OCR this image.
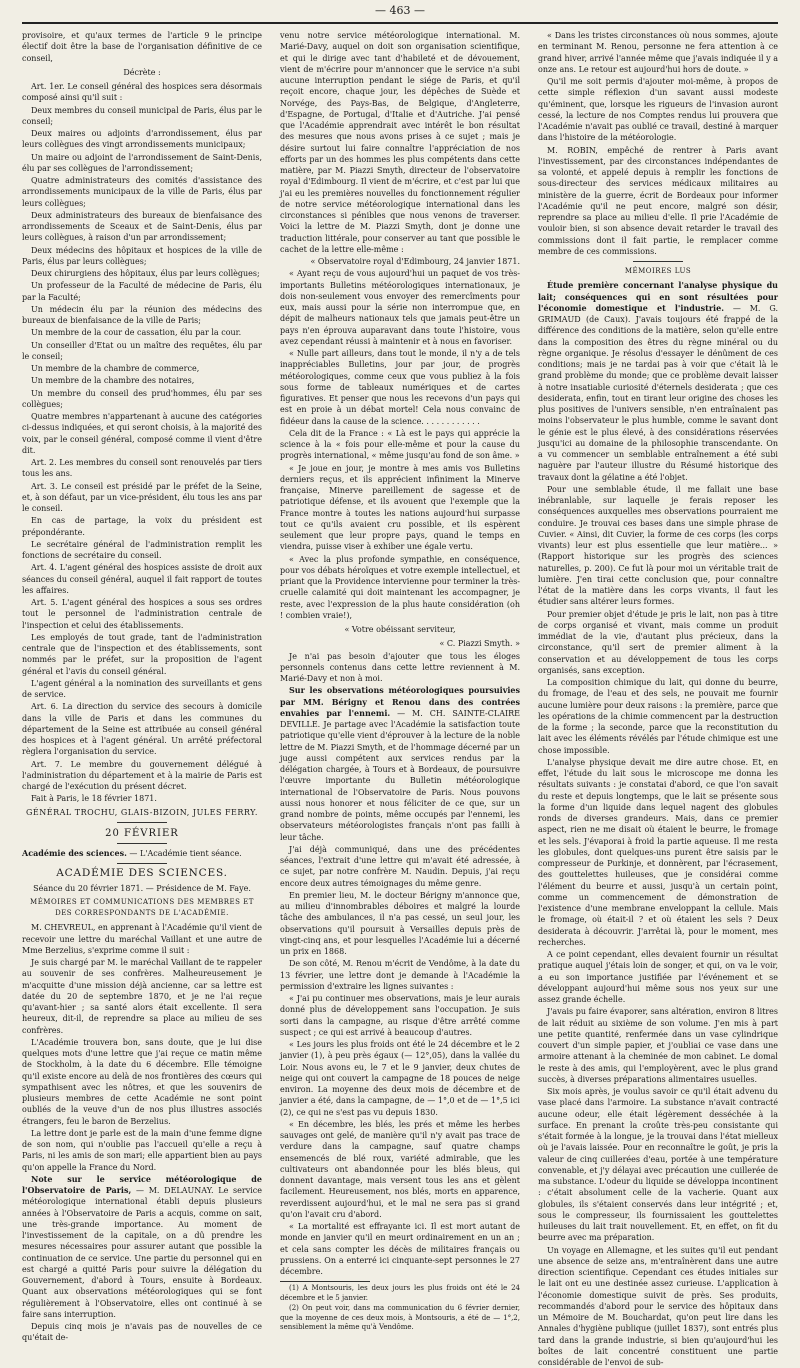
— 463 —

provisoire, et qu'aux termes de l'article 9 le principe électif doit être la base de l'organisation définitive de ce conseil,

Décrète :

Art. 1er. Le conseil général des hospices sera désormais composé ainsi qu'il suit :

Deux membres du conseil municipal de Paris, élus par le conseil;

Deux maires ou adjoints d'arrondissement, élus par leurs collègues des vingt arrondissements municipaux;

Un maire ou adjoint de l'arrondissement de Saint-Denis, élu par ses collègues de l'arrondissement;

Quatre administrateurs des comités d'assistance des arrondissements municipaux de la ville de Paris, élus par leurs collègues;

Deux administrateurs des bureaux de bienfaisance des arrondissements de Sceaux et de Saint-Denis, élus par leurs collègues, à raison d'un par arrondissement;

Deux médecins des hôpitaux et hospices de la ville de Paris, élus par leurs collègues;

Deux chirurgiens des hôpitaux, élus par leurs collègues;

Un professeur de la Faculté de médecine de Paris, élu par la Faculté;

Un médecin élu par la réunion des médecins des bureaux de bienfaisance de la ville de Paris;

Un membre de la cour de cassation, élu par la cour.

Un conseiller d'Etat ou un maître des requêtes, élu par le conseil;

Un membre de la chambre de commerce,

Un membre de la chambre des notaires,

Un membre du conseil des prud'hommes, élu par ses collègues;

Quatre membres n'appartenant à aucune des catégories ci-dessus indiquées, et qui seront choisis, à la majorité des voix, par le conseil général, composé comme il vient d'être dit.

Art. 2. Les membres du conseil sont renouvelés par tiers tous les ans.

Art. 3. Le conseil est présidé par le préfet de la Seine, et, à son défaut, par un vice-président, élu tous les ans par le conseil.

En cas de partage, la voix du président est prépondérante.

Le secrétaire général de l'administration remplit les fonctions de secrétaire du conseil.

Art. 4. L'agent général des hospices assiste de droit aux séances du conseil général, auquel il fait rapport de toutes les affaires.

Art. 5. L'agent général des hospices a sous ses ordres tout le personnel de l'administration centrale de l'inspection et celui des établissements.

Les employés de tout grade, tant de l'administration centrale que de l'inspection et des établissements, sont nommés par le préfet, sur la proposition de l'agent général et l'avis du conseil général.

L'agent général a la nomination des surveillants et gens de service.

Art. 6. La direction du service des secours à domicile dans la ville de Paris et dans les communes du département de la Seine est attribuée au conseil général des hospices et à l'agent général. Un arrêté préfectoral règlera l'organisation du service.

Art. 7. Le membre du gouvernement délégué à l'administration du département et à la mairie de Paris est chargé de l'exécution du présent décret.

Fait à Paris, le 18 février 1871.

GÉNÉRAL TROCHU, GLAIS-BIZOIN, JULES FERRY.

20 FÉVRIER

Académie des sciences. — L'Académie tient séance.

ACADÉMIE DES SCIENCES.

Séance du 20 février 1871. — Présidence de M. Faye.

MÉMOIRES ET COMMUNICATIONS DES MEMBRES ET DES CORRESPONDANTS DE L'ACADÉMIE.

M. CHEVREUL, en apprenant à l'Académie qu'il vient de recevoir une lettre du maréchal Vaillant et une autre de Mme Berzelius, s'exprime comme il suit :

Je suis chargé par M. le maréchal Vaillant de te rappeler au souvenir de ses confrères. Malheureusement je m'acquitte d'une mission déjà ancienne, car sa lettre est datée du 20 de septembre 1870, et je ne l'ai reçue qu'avant-hier ; sa santé alors était excellente. Il sera heureux, dit-il, de reprendre sa place au milieu de ses confrères.

L'Académie trouvera bon, sans doute, que je lui dise quelques mots d'une lettre que j'ai reçue ce matin même de Stockholm, à la date du 6 décembre. Elle témoigne qu'il existe encore au delà de nos frontières des cœurs qui sympathisent avec les nôtres, et que les souvenirs de plusieurs membres de cette Académie ne sont point oubliés de la veuve d'un de nos plus illustres associés étrangers, feu le baron de Berzelius.

La lettre dont je parle est de la main d'une femme digne de son nom, qui n'oublie pas l'accueil qu'elle a reçu à Paris, ni les amis de son mari; elle appartient bien au pays qu'on appelle la France du Nord.

Note sur le service météorologique de l'Observatoire de Paris, — M. DELAUNAY. Le service météorologique international établi depuis plusieurs années à l'Observatoire de Paris a acquis, comme on sait, une très-grande importance. Au moment de l'investissement de la capitale, on a dû prendre les mesures nécessaires pour assurer autant que possible la continuation de ce service. Une partie du personnel qui en est chargé a quitté Paris pour suivre la délégation du Gouvernement, d'abord à Tours, ensuite à Bordeaux. Quant aux observations météorologiques qui se font régulièrement à l'Observatoire, elles ont continué à se faire sans interruption.

Depuis cinq mois je n'avais pas de nouvelles de ce qu'était de-

venu notre service météorologique international. M. Marié-Davy, auquel on doit son organisation scientifique, et qui le dirige avec tant d'habileté et de dévouement, vient de m'écrire pour m'annoncer que le service n'a subi aucune interruption pendant le siége de Paris, et qu'il reçoit encore, chaque jour, les dépêches de Suède et Norvége, des Pays-Bas, de Belgique, d'Angleterre, d'Espagne, de Portugal, d'Italie et d'Autriche. J'ai pensé que l'Académie apprendrait avec intérêt le bon résultat des mesures que nous avons prises à ce sujet ; mais je désire surtout lui faire connaître l'appréciation de nos efforts par un des hommes les plus compétents dans cette matière, par M. Piazzi Smyth, directeur de l'observatoire royal d'Edimbourg. Il vient de m'écrire, et c'est par lui que j'ai eu les premières nouvelles du fonctionnement régulier de notre service météorologique international dans les circonstances si pénibles que nous venons de traverser. Voici la lettre de M. Piazzi Smyth, dont je donne une traduction littérale, pour conserver au tant que possible le cachet de la lettre elle-même :

« Observatoire royal d'Edimbourg, 24 janvier 1871.

« Ayant reçu de vous aujourd'hui un paquet de vos très-importants Bulletins météorologiques internationaux, je dois non-seulement vous envoyer des remercîments pour eux, mais aussi pour la série non interrompue que, en dépit de malheurs nationaux tels que jamais peut-être un pays n'en éprouva auparavant dans toute l'histoire, vous avez cependant réussi à maintenir et à nous en favoriser.

« Nulle part ailleurs, dans tout le monde, il n'y a de tels inappréciables Bulletins, jour par jour, de progrès météorologiques, comme ceux que vous publiez à la fois sous forme de tableaux numériques et de cartes figuratives. Et penser que nous les recevons d'un pays qui est en proie à un débat mortel! Cela nous convainc de fidéeur dans la cause de la science. . . . . . . . . . . .

Cela dit de la France : « Là est le pays qui apprécie la science à la « fois pour elle-même et pour la cause du progrès international, « même jusqu'au fond de son âme. »

« Je joue en jour, je montre à mes amis vos Bulletins derniers reçus, et ils apprécient infiniment la Minerve française, Minerve pareillement de sagesse et de patriotique défense, et ils avouent que l'exemple que la France montre à toutes les nations aujourd'hui surpasse tout ce qu'ils avaient cru possible, et ils espèrent seulement que leur propre pays, quand le temps en viendra, puisse viser à exhiber une égale vertu.

« Avec la plus profonde sympathie, en conséquence, pour vos débats héroïques et votre exemple intellectuel, et priant que la Providence intervienne pour terminer la très-cruelle calamité qui doit maintenant les accompagner, je reste, avec l'expression de la plus haute considération (oh ! combien vraie!),

« Votre obéissant serviteur,

« C. Piazzi Smyth. »

Je n'ai pas besoin d'ajouter que tous les éloges personnels contenus dans cette lettre reviennent à M. Marié-Davy et non à moi.

Sur les observations météorologiques poursuivies par MM. Bérigny et Renou dans des contrées envahies par l'ennemi. — M. CH. SAINTE-CLAIRE DEVILLE. Je partage avec l'Académie la satisfaction toute patriotique qu'elle vient d'éprouver à la lecture de la noble lettre de M. Piazzi Smyth, et de l'hommage décerné par un juge aussi compétent aux services rendus par la délégation chargée, à Tours et à Bordeaux, de poursuivre l'œuvre importante du Bulletin météorologique international de l'Observatoire de Paris. Nous pouvons aussi nous honorer et nous féliciter de ce que, sur un grand nombre de points, même occupés par l'ennemi, les observateurs météorologistes français n'ont pas failli à leur tâche.

J'ai déjà communiqué, dans une des précédentes séances, l'extrait d'une lettre qui m'avait été adressée, à ce sujet, par notre confrère M. Naudin. Depuis, j'ai reçu encore deux autres témoignages du même genre.

En premier lieu, M. le docteur Bérigny m'annonce que, au milieu d'innombrables déboires et malgré la lourde tâche des ambulances, il n'a pas cessé, un seul jour, les observations qu'il poursuit à Versailles depuis près de vingt-cinq ans, et pour lesquelles l'Académie lui a décerné un prix en 1868.

De son côté, M. Renou m'écrit de Vendôme, à la date du 13 février, une lettre dont je demande à l'Académie la permission d'extraire les lignes suivantes :

« J'ai pu continuer mes observations, mais je leur aurais donné plus de développement sans l'occupation. Je suis sorti dans la campagne, au risque d'être arrêté comme suspect ; ce qui est arrivé à beaucoup d'autres.

« Les jours les plus froids ont été le 24 décembre et le 2 janvier (1), à peu près égaux (— 12°,05), dans la vallée du Loir. Nous avons eu, le 7 et le 9 janvier, deux chutes de neige qui ont couvert la campagne de 18 pouces de neige environ. La moyenne des deux mois de décembre et de janvier a été, dans la campagne, de — 1°,0 et de — 1°,5 ici (2), ce qui ne s'est pas vu depuis 1830.

« En décembre, les blés, les prés et même les herbes sauvages ont gelé, de manière qu'il n'y avait pas trace de verdure dans la campagne, sauf quatre champs ensemencés de blé roux, variété admirable, que les cultivateurs ont abandonnée pour les blés bleus, qui donnent davantage, mais versent tous les ans et gèlent facilement. Heureusement, nos blés, morts en apparence, reverdissent aujourd'hui, et le mal ne sera pas si grand qu'on l'avait cru d'abord.

« La mortalité est effrayante ici. Il est mort autant de monde en janvier qu'il en meurt ordinairement en un an ; et cela sans compter les décès de militaires français ou prussiens. On a enterré ici cinquante-sept personnes le 27 décembre.

(1) A Montsouris, les deux jours les plus froids ont été le 24 décembre et le 5 janvier.

(2) On peut voir, dans ma communication du 6 février dernier, que la moyenne de ces deux mois, à Montsouris, a été de — 1°,2, sensiblement la même qu'à Vendôme.

« Dans les tristes circonstances où nous sommes, ajoute en terminant M. Renou, personne ne fera attention à ce grand hiver, arrivé l'année même que j'avais indiquée il y a onze ans. Le retour est aujourd'hui hors de doute. »

Qu'il me soit permis d'ajouter moi-même, à propos de cette simple réflexion d'un savant aussi modeste qu'éminent, que, lorsque les rigueurs de l'invasion auront cessé, la lecture de nos Comptes rendus lui prouvera que l'Académie n'avait pas oublié ce travail, destiné à marquer dans l'histoire de la météorologie.

M. ROBIN, empêché de rentrer à Paris avant l'investissement, par des circonstances indépendantes de sa volonté, et appelé depuis à remplir les fonctions de sous-directeur des services médicaux militaires au ministère de la guerre, écrit de Bordeaux pour informer l'Académie qu'il ne peut encore, malgré son désir, reprendre sa place au milieu d'elle. Il prie l'Académie de vouloir bien, si son absence devait retarder le travail des commissions dont il fait partie, le remplacer comme membre de ces commissions.

MÉMOIRES LUS

Étude première concernant l'analyse physique du lait; conséquences qui en sont résultées pour l'économie domestique et l'industrie. — M. G. GRIMAUD (de Caux). J'avais toujours été frappé de la différence des conditions de la matière, selon qu'elle entre dans la composition des êtres du règne minéral ou du règne organique. Je résolus d'essayer le dénûment de ces conditions; mais je ne tardai pas à voir que c'était là le grand problème du monde; que ce problème devait laisser à notre insatiable curiosité d'éternels desiderata ; que ces desiderata, enfin, tout en tirant leur origine des choses les plus positives de l'univers sensible, n'en entraînaient pas moins l'observateur le plus humble, comme le savant dont le génie est le plus élevé, à des considérations réservées jusqu'ici au domaine de la philosophie transcendante. On a vu commencer un semblable entraînement a été subi naguère par l'auteur illustre du Résumé historique des travaux dont la gélatine a été l'objet.

Pour une semblable étude, il me fallait une base inébranlable, sur laquelle je ferais reposer les conséquences auxquelles mes observations pourraient me conduire. Je trouvai ces bases dans une simple phrase de Cuvier. « Ainsi, dit Cuvier, la forme de ces corps (les corps vivants) leur est plus essentielle que leur matière... » (Rapport historique sur les progrès des sciences naturelles, p. 200). Ce fut là pour moi un véritable trait de lumière. J'en tirai cette conclusion que, pour connaître l'état de la matière dans les corps vivants, il faut les étudier sans altérer leurs formes.

Pour premier objet d'étude je pris le lait, non pas à titre de corps organisé et vivant, mais comme un produit immédiat de la vie, d'autant plus précieux, dans la circonstance, qu'il sert de premier aliment à la conservation et au développement de tous les corps organisés, sans exception.

La composition chimique du lait, qui donne du beurre, du fromage, de l'eau et des sels, ne pouvait me fournir aucune lumière pour deux raisons : la première, parce que les opérations de la chimie commencent par la destruction de la forme ; la seconde, parce que la reconstitution du lait avec les éléments révélés par l'étude chimique est une chose impossible.

L'analyse physique devait me dire autre chose. Et, en effet, l'étude du lait sous le microscope me donna les résultats suivants : je constatai d'abord, ce que l'on savait du reste et depuis longtemps, que le lait se présente sous la forme d'un liquide dans lequel nagent des globules ronds de diverses grandeurs. Mais, dans ce premier aspect, rien ne me disait où étaient le beurre, le fromage et les sels. J'évaporai à froid la partie aqueuse. Il me resta les globules, dont quelques-uns purent être saisis par le compresseur de Purkinje, et donnèrent, par l'écrasement, des gouttelettes huileuses, que je considérai comme l'élément du beurre et aussi, jusqu'à un certain point, comme un commencement de démonstration de l'existence d'une membrane enveloppant la cellule. Mais le fromage, où était-il ? et où étaient les sels ? Deux desiderata à découvrir. J'arrêtai là, pour le moment, mes recherches.

A ce point cependant, elles devaient fournir un résultat pratique auquel j'étais loin de songer, et qui, on va le voir, a eu son importance justifiée par l'événement et se développant aujourd'hui même sous nos yeux sur une assez grande échelle.

J'avais pu faire évaporer, sans altération, environ 8 litres de lait réduit au sixième de son volume. J'en mis à part une petite quantité, renfermée dans un vase cylindrique couvert d'un simple papier, et j'oubliai ce vase dans une armoire attenant à la cheminée de mon cabinet. Le domal le reste à des amis, qui l'employèrent, avec le plus grand succès, à diverses préparations alimentaires usuelles.

Six mois après, je voulus savoir ce qu'il était advenu du vase placé dans l'armoire. La substance n'avait contracté aucune odeur, elle était légèrement desséchée à la surface. En prenant la croûte très-peu consistante qui s'était formée à la longue, je la trouvai dans l'état mielleux où je l'avais laissée. Pour en reconnaître le goût, je pris la valeur de cinq cuillerées d'eau, portée à une température convenable, et j'y délayai avec précaution une cuillerée de ma substance. L'odeur du liquide se développa incontinent : c'était absolument celle de la vacherie. Quant aux globules, ils s'étaient conservés dans leur intégrité ; et, sous le compresseur, ils fournissaient les gouttelettes huileuses du lait trait nouvellement. Et, en effet, on fit du beurre avec ma préparation.

Un voyage en Allemagne, et les suites qu'il eut pendant une absence de seize ans, m'entraînèrent dans une autre direction scientifique. Cependant ces études initiales sur le lait ont eu une destinée assez curieuse. L'application à l'économie domestique suivit de près. Ses produits, recommandés d'abord pour le service des hôpitaux dans un Mémoire de M. Bouchardat, qu'on peut lire dans les Annales d'hygiène publique (juillet 1837), sont entrés plus tard dans la grande industrie, si bien qu'aujourd'hui les boîtes de lait concentré constituent une partie considérable de l'envoi de sub-
